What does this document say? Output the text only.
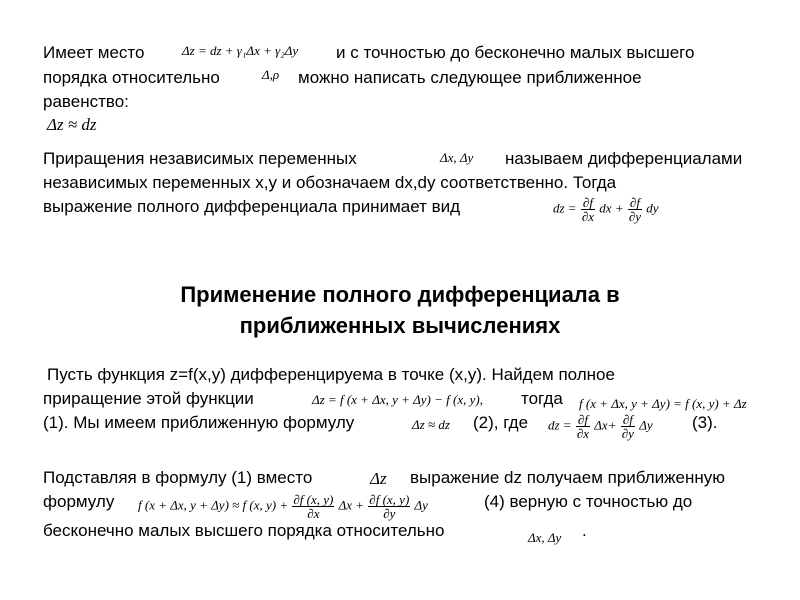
Имеет место	Δz = dz + γ₁Δx + γ₂Δy и с точностью до бесконечно малых высшего
порядка относительно	Δ,ρ можно написать следующее приближенное
равенство:
Δz ≈ dz
Приращения независимых переменных	Δx, Δy называем дифференциалами
независимых переменных x,y и обозначаем dx,dy соответственно. Тогда
выражение полного дифференциала принимает вид	dz = $\frac{\partial f}{\partial x}$ dx + $\frac{\partial f}{\partial y}$ dy
Применение полного дифференциала в
приближенных вычислениях
Пусть функция z=f(x,y) дифференцируема в точке (x,y). Найдем полное
приращение этой функции	Δz = f (x + Δx, y + Δy) − f (x, y), тогда f (x + Δx, y + Δy) = f (x, y) + Δz
(1). Мы имеем приближенную формулу	Δz ≈ dz (2), где dz = $\frac{\partial f}{\partial x} \Delta x+ \frac{\partial f}{\partial y}$ Δy (3).
Подставляя в формулу (1) вместо	Δz выражение dz получаем приближенную
формулу f (x + Δx, y + Δy) ≈ f (x, $y) + \frac{\partial f (x, y)}{\partial x}$ $\Delta x + \frac{\partial f (x, y)}{\partial y}$ Δy	(4) верную с точностью до
бесконечно малых высшего порядка относительно	Δx, Δy .
